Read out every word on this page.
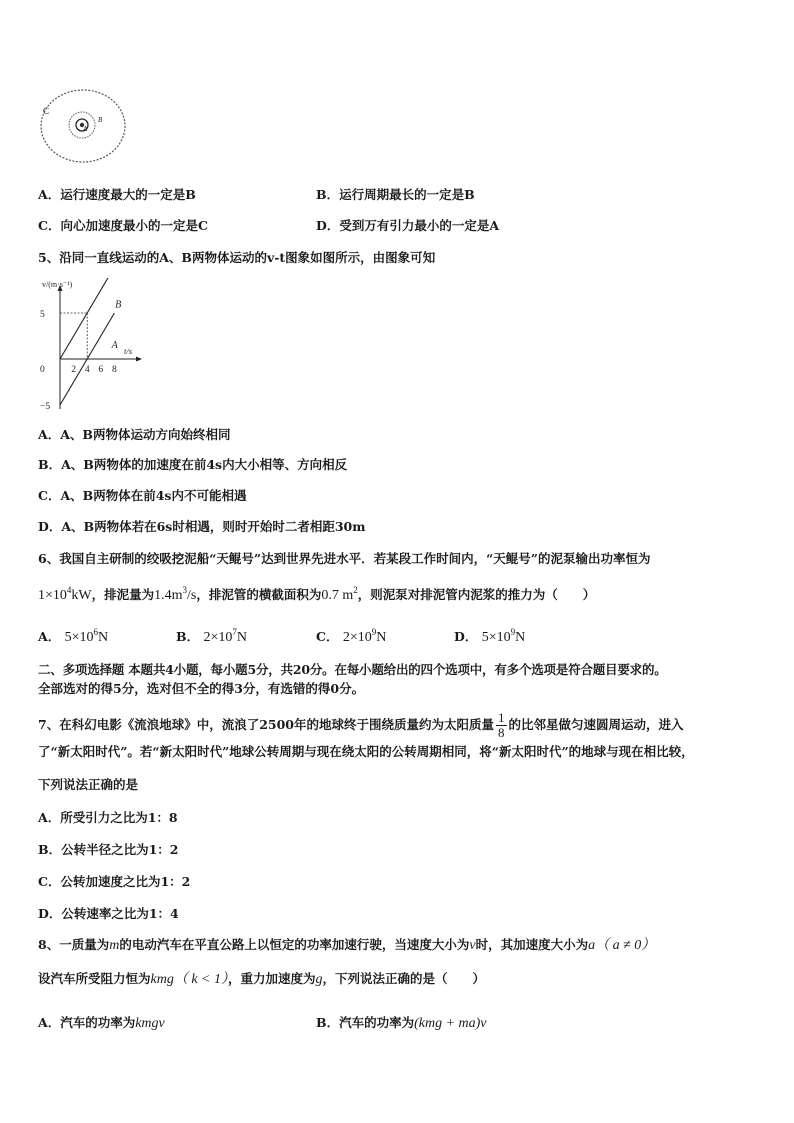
C
B
A
A．运行速度最大的一定是B	B．运行周期最长的一定是B
C．向心加速度最小的一定是C	D．受到万有引力最小的一定是A
5、沿同一直线运动的A、B两物体运动的v-t图象如图所示，由图象可知
v/(m·s⁻¹)
t/s
2 4 6 8
5
0
−5
B
A
A．A、B两物体运动方向始终相同
B．A、B两物体的加速度在前4s内大小相等、方向相反
C．A、B两物体在前4s内不可能相遇
D．A、B两物体若在6s时相遇，则时开始时二者相距30m
6、我国自主研制的绞吸挖泥船“天鲲号”达到世界先进水平．若某段工作时间内，“天鲲号”的泥泵输出功率恒为
$1\times 10^4kW$，排泥量为$1.4m^3/s$，排泥管的横截面积为0.7 $m^2$，则泥泵对排泥管内泥浆的推力为（　　）
A． $5\times 10^6N$	B． $2\times 10^7N$	C． $2\times 10^9N$	D． $5\times 10^9N$
二、多项选择题 本题共4小题，每小题5分，共20分。在每小题给出的四个选项中，有多个选项是符合题目要求的。
全部选对的得5分，选对但不全的得3分，有选错的得0分。
7、在科幻电影《流浪地球》中，流浪了2500年的地球终于围绕质量约为太阳质量 $\frac{1}{8}$ 的比邻星做匀速圆周运动，进入
了“新太阳时代”。若“新太阳时代”地球公转周期与现在绕太阳的公转周期相同，将“新太阳时代”的地球与现在相比较，
下列说法正确的是
A．所受引力之比为1：8
B．公转半径之比为1：2
C．公转加速度之比为1：2
D．公转速率之比为1：4
8、一质量为m的电动汽车在平直公路上以恒定的功率加速行驶，当速度大小为v时，其加速度大小为a（ a ≠ 0）
设汽车所受阻力恒为kmg（ k < 1），重力加速度为g，下列说法正确的是（　　）
A．汽车的功率为kmgv	B．汽车的功率为(kmg + ma)v
